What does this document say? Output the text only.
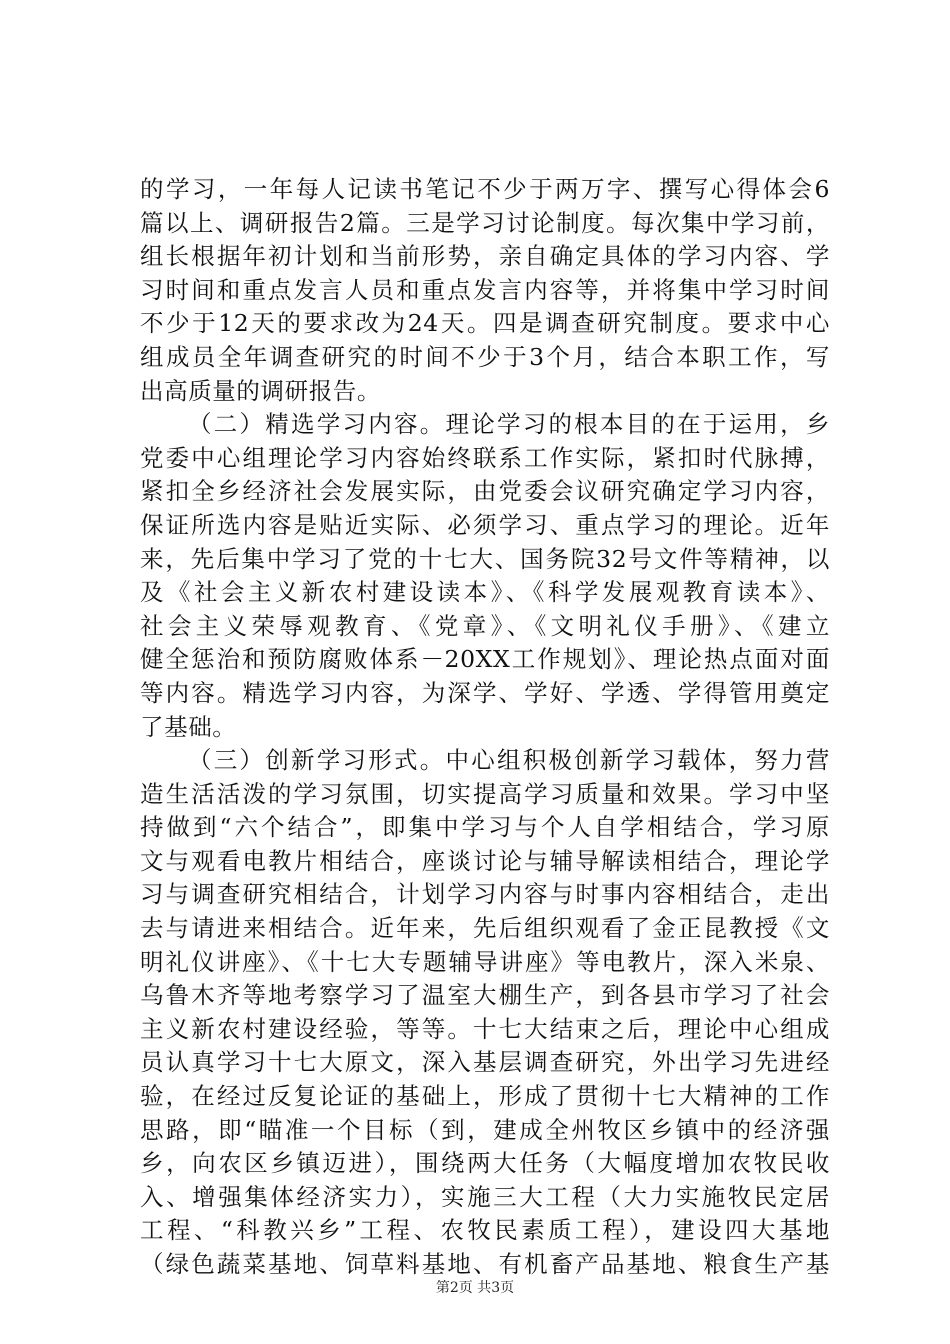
的学习，一年每人记读书笔记不少于两万字、撰写心得体会6
篇以上、调研报告2篇。三是学习讨论制度。每次集中学习前，
组长根据年初计划和当前形势，亲自确定具体的学习内容、学
习时间和重点发言人员和重点发言内容等，并将集中学习时间
不少于12天的要求改为24天。四是调查研究制度。要求中心
组成员全年调查研究的时间不少于3个月，结合本职工作，写
出高质量的调研报告。
（二）精选学习内容。理论学习的根本目的在于运用，乡
党委中心组理论学习内容始终联系工作实际，紧扣时代脉搏，
紧扣全乡经济社会发展实际，由党委会议研究确定学习内容，
保证所选内容是贴近实际、必须学习、重点学习的理论。近年
来，先后集中学习了党的十七大、国务院32号文件等精神，以
及《社会主义新农村建设读本》、《科学发展观教育读本》、
社会主义荣辱观教育、《党章》、《文明礼仪手册》、《建立
健全惩治和预防腐败体系－20XX工作规划》、理论热点面对面
等内容。精选学习内容，为深学、学好、学透、学得管用奠定
了基础。
（三）创新学习形式。中心组积极创新学习载体，努力营
造生活活泼的学习氛围，切实提高学习质量和效果。学习中坚
持做到“六个结合”，即集中学习与个人自学相结合，学习原
文与观看电教片相结合，座谈讨论与辅导解读相结合，理论学
习与调查研究相结合，计划学习内容与时事内容相结合，走出
去与请进来相结合。近年来，先后组织观看了金正昆教授《文
明礼仪讲座》、《十七大专题辅导讲座》等电教片，深入米泉、
乌鲁木齐等地考察学习了温室大棚生产，到各县市学习了社会
主义新农村建设经验，等等。十七大结束之后，理论中心组成
员认真学习十七大原文，深入基层调查研究，外出学习先进经
验，在经过反复论证的基础上，形成了贯彻十七大精神的工作
思路，即“瞄准一个目标（到，建成全州牧区乡镇中的经济强
乡，向农区乡镇迈进），围绕两大任务（大幅度增加农牧民收
入、增强集体经济实力），实施三大工程（大力实施牧民定居
工程、“科教兴乡”工程、农牧民素质工程），建设四大基地
（绿色蔬菜基地、饲草料基地、有机畜产品基地、粮食生产基
第2页 共3页
